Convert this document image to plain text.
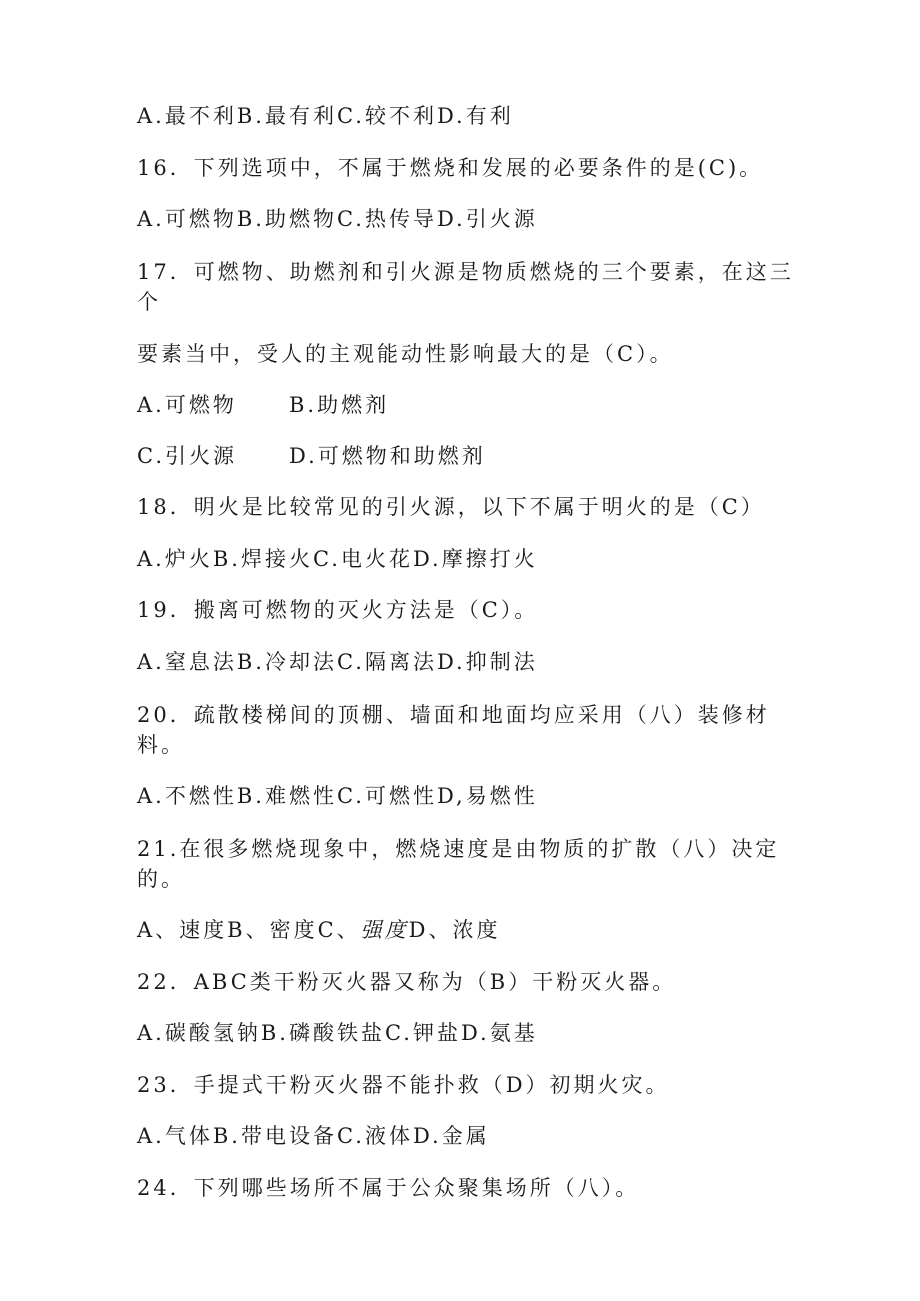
A.最不利B.最有利C.较不利D.有利
16．下列选项中，不属于燃烧和发展的必要条件的是(C)。
A.可燃物B.助燃物C.热传导D.引火源
17．可燃物、助燃剂和引火源是物质燃烧的三个要素，在这三
个
要素当中，受人的主观能动性影响最大的是（C）。
A.可燃物 B.助燃剂
C.引火源 D.可燃物和助燃剂
18．明火是比较常见的引火源，以下不属于明火的是（C）
A.炉火B.焊接火C.电火花D.摩擦打火
19．搬离可燃物的灭火方法是（C）。
A.窒息法B.冷却法C.隔离法D.抑制法
20．疏散楼梯间的顶棚、墙面和地面均应采用（八）装修材
料。
A.不燃性B.难燃性C.可燃性D,易燃性
21.在很多燃烧现象中，燃烧速度是由物质的扩散（八）决定
的。
A、速度B、密度C、强度D、浓度
22．ABC类干粉灭火器又称为（B）干粉灭火器。
A.碳酸氢钠B.磷酸铁盐C.钾盐D.氨基
23．手提式干粉灭火器不能扑救（D）初期火灾。
A.气体B.带电设备C.液体D.金属
24．下列哪些场所不属于公众聚集场所（八）。
